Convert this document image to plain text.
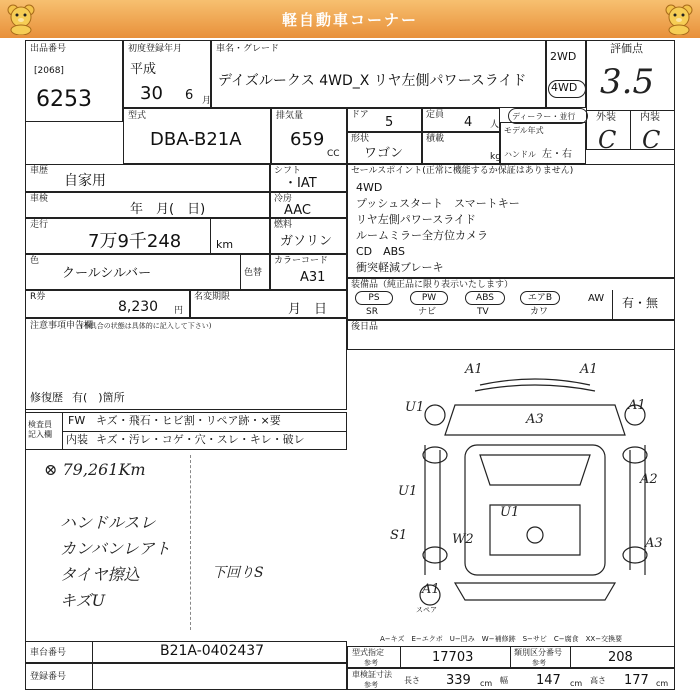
軽自動車コーナー
出品番号
[2068]
6253
初度登録年月
平成
30 6 月
車名・グレード
デイズルークス 4WD_X リヤ左側パワースライド
2WD
4WD
ディーラー・並行
評価点
3.5
外装 内装
C C
型式
DBA-B21A
排気量
659
CC
ドア 5	定員 4 人
形状
ワゴン
積載
kg
モデル年式
ハンドル 左・右
車歴
自家用
車検
年　月(　日)
走行
7万9千248	km
色
クールシルバー	色替
シフト
・IAT
冷房
AAC
燃料
ガソリン
カラーコード
A31
セールスポイント(正常に機能するか保証はありません)
4WD
プッシュスタート　スマートキー
リヤ左側パワースライド
ルームミラー全方位カメラ
CD　ABS
衝突軽減ブレーキ
R券
8,230 円
名変期限
月　日
装備品（純正品に限り表示いたします）
PS
SR
PW
ナビ
ABS
TV
エアB
カワ
AW 有・無
注意事項申告欄
(不具合の状態は具体的に記入して下さい)
修復歴 有(　)箇所
後日品
検査員記入欄
FW キズ・飛石・ヒビ割・リペア跡・×要
内装 キズ・汚レ・コゲ・穴・スレ・キレ・破レ
⊗ 79,261Km
ハンドルスレ
カンバンレアト
タイヤ擦込
キズU
下回りS
A1	A1
U1	A1
A3
A2
U1
U1
S1	W2	A3
A1
スペア
A−キズ　E−エクボ　U−凹み　W−補修跡　S−サビ　C−腐食　XX−交換要
車台番号	B21A-0402437
登録番号
型式指定
参考	17703	類別区分番号
参考	208
車検証寸法
参考	長さ 339 cm 幅 147 cm 高さ 177 cm
